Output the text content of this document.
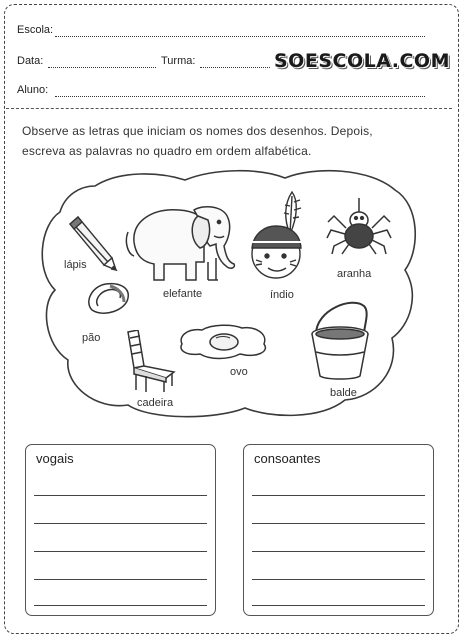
Escola:
Data:	Turma:	SOESCOLA.COM
Aluno:
Observe as letras que iniciam os nomes dos desenhos. Depois,
escreva as palavras no quadro em ordem alfabética.
lápis
elefante	índio
aranha
pão
cadeira
ovo
balde
vogais	consoantes
